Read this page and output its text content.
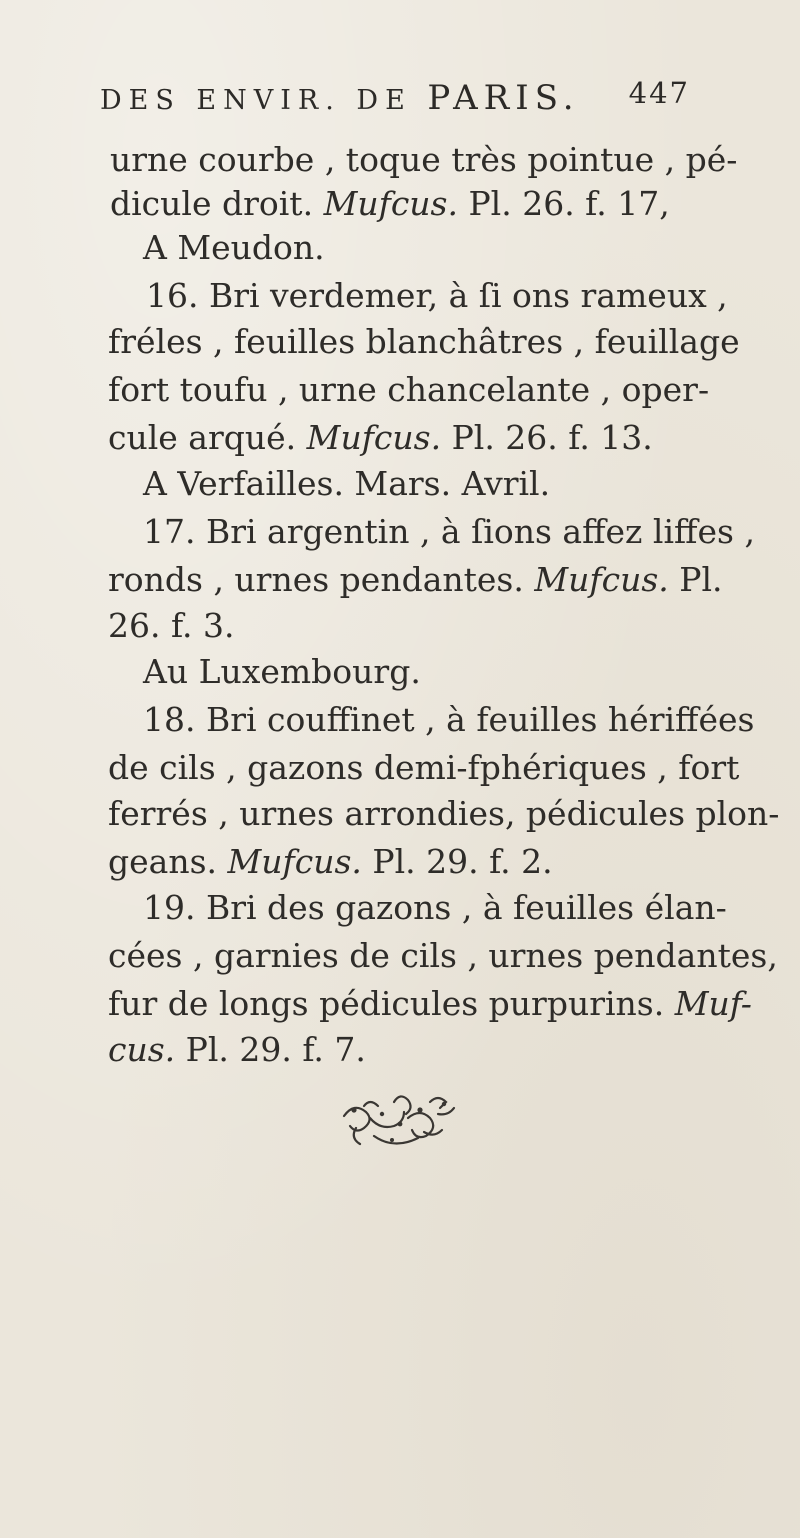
DES ENVIR. DE PARIS. 447
urne courbe , toque très pointue , pé-
dicule droit. Mufcus. Pl. 26. f. 17,
A Meudon.
16. Bri verdemer, à ſi ons rameux ,
fréles , feuilles blanchâtres , feuillage
fort toufu , urne chancelante , oper-
cule arqué. Mufcus. Pl. 26. f. 13.
A Verfailles. Mars. Avril.
17. Bri argentin , à ſions affez liffes ,
ronds , urnes pendantes. Mufcus. Pl.
26. f. 3.
Au Luxembourg.
18. Bri couffinet , à feuilles hériffées
de cils , gazons demi-fphériques , fort
ferrés , urnes arrondies, pédicules plon-
geans. Mufcus. Pl. 29. f. 2.
19. Bri des gazons , à feuilles élan-
cées , garnies de cils , urnes pendantes,
fur de longs pédicules purpurins. Muf-
cus. Pl. 29. f. 7.
